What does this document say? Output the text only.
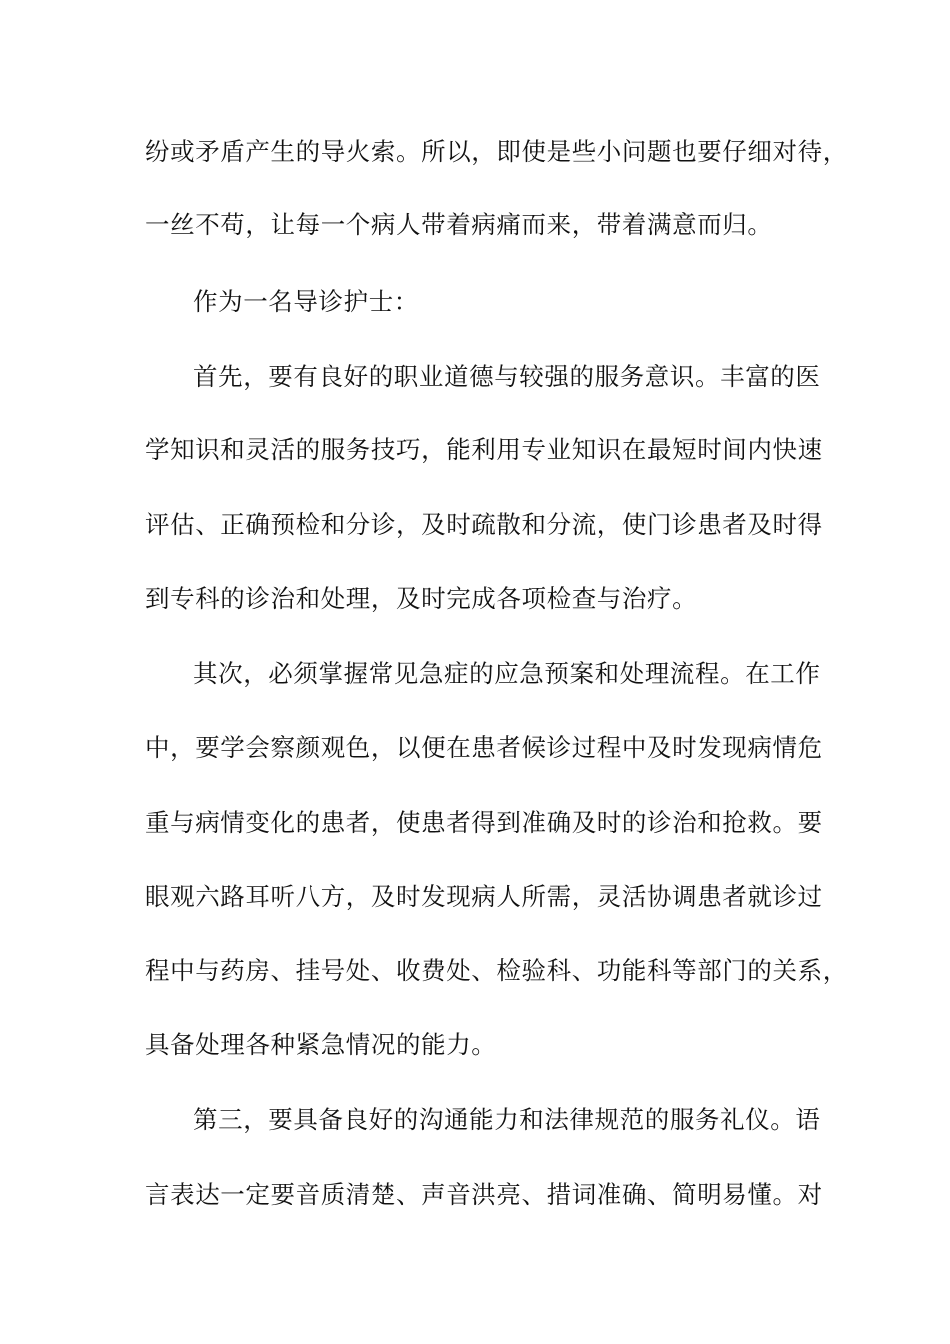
纷或矛盾产生的导火索。所以，即使是些小问题也要仔细对待，
一丝不苟，让每一个病人带着病痛而来，带着满意而归。
作为一名导诊护士：
首先，要有良好的职业道德与较强的服务意识。丰富的医
学知识和灵活的服务技巧，能利用专业知识在最短时间内快速
评估、正确预检和分诊，及时疏散和分流，使门诊患者及时得
到专科的诊治和处理，及时完成各项检查与治疗。
其次，必须掌握常见急症的应急预案和处理流程。在工作
中，要学会察颜观色，以便在患者候诊过程中及时发现病情危
重与病情变化的患者，使患者得到准确及时的诊治和抢救。要
眼观六路耳听八方，及时发现病人所需，灵活协调患者就诊过
程中与药房、挂号处、收费处、检验科、功能科等部门的关系，
具备处理各种紧急情况的能力。
第三，要具备良好的沟通能力和法律规范的服务礼仪。语
言表达一定要音质清楚、声音洪亮、措词准确、简明易懂。对
